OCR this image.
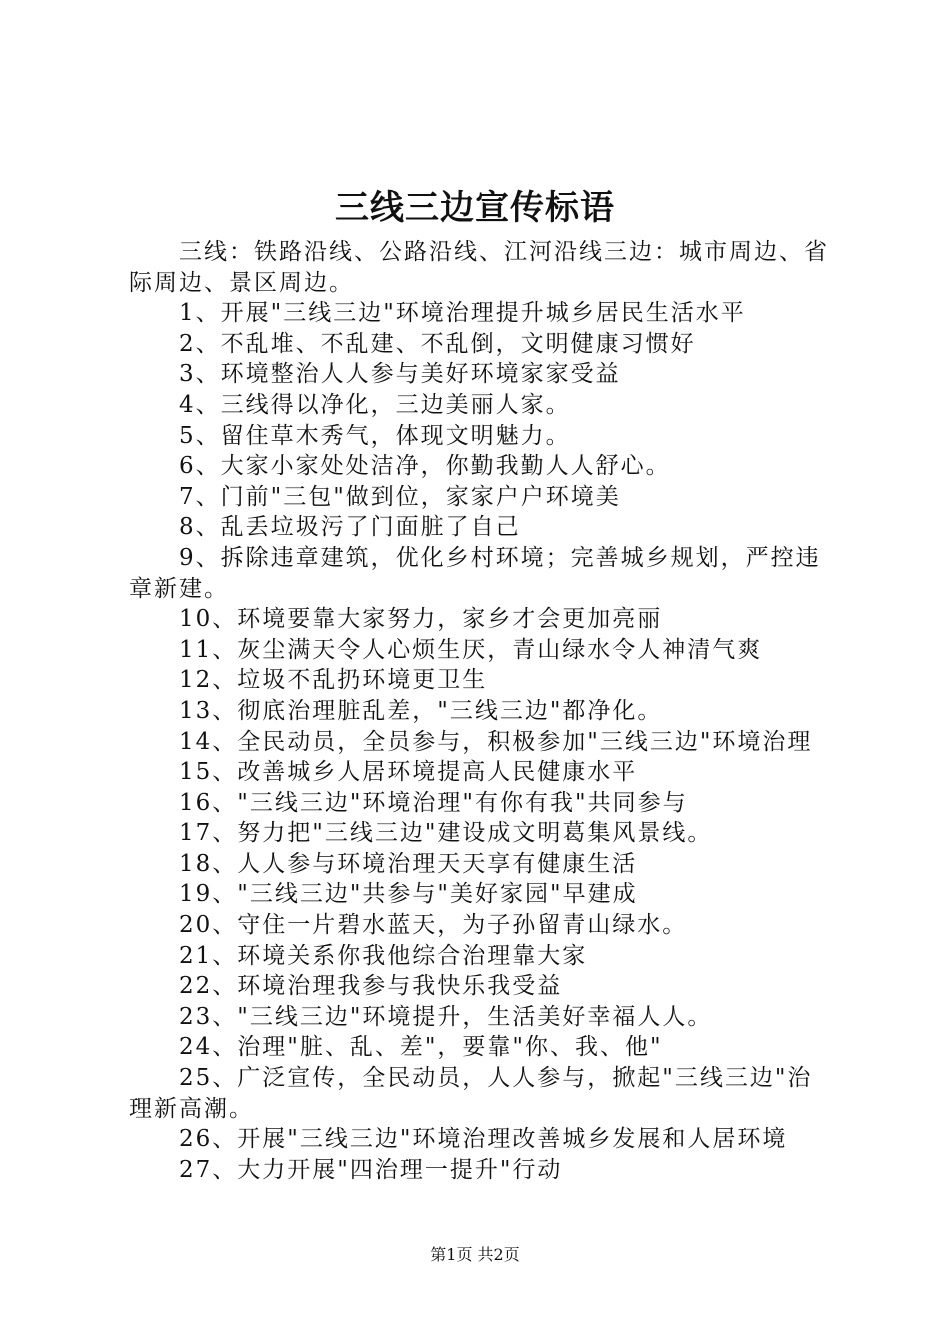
三线三边宣传标语

三线：铁路沿线、公路沿线、江河沿线三边：城市周边、省际周边、景区周边。

1、开展"三线三边"环境治理提升城乡居民生活水平

2、不乱堆、不乱建、不乱倒，文明健康习惯好

3、环境整治人人参与美好环境家家受益

4、三线得以净化，三边美丽人家。

5、留住草木秀气，体现文明魅力。

6、大家小家处处洁净，你勤我勤人人舒心。

7、门前"三包"做到位，家家户户环境美

8、乱丢垃圾污了门面脏了自己

9、拆除违章建筑，优化乡村环境；完善城乡规划，严控违章新建。

10、环境要靠大家努力，家乡才会更加亮丽

11、灰尘满天令人心烦生厌，青山绿水令人神清气爽

12、垃圾不乱扔环境更卫生

13、彻底治理脏乱差，"三线三边"都净化。

14、全民动员，全员参与，积极参加"三线三边"环境治理

15、改善城乡人居环境提高人民健康水平

16、"三线三边"环境治理"有你有我"共同参与

17、努力把"三线三边"建设成文明葛集风景线。

18、人人参与环境治理天天享有健康生活

19、"三线三边"共参与"美好家园"早建成

20、守住一片碧水蓝天，为子孙留青山绿水。

21、环境关系你我他综合治理靠大家

22、环境治理我参与我快乐我受益

23、"三线三边"环境提升，生活美好幸福人人。

24、治理"脏、乱、差"，要靠"你、我、他"

25、广泛宣传，全民动员，人人参与，掀起"三线三边"治理新高潮。

26、开展"三线三边"环境治理改善城乡发展和人居环境

27、大力开展"四治理一提升"行动

第1页 共2页
